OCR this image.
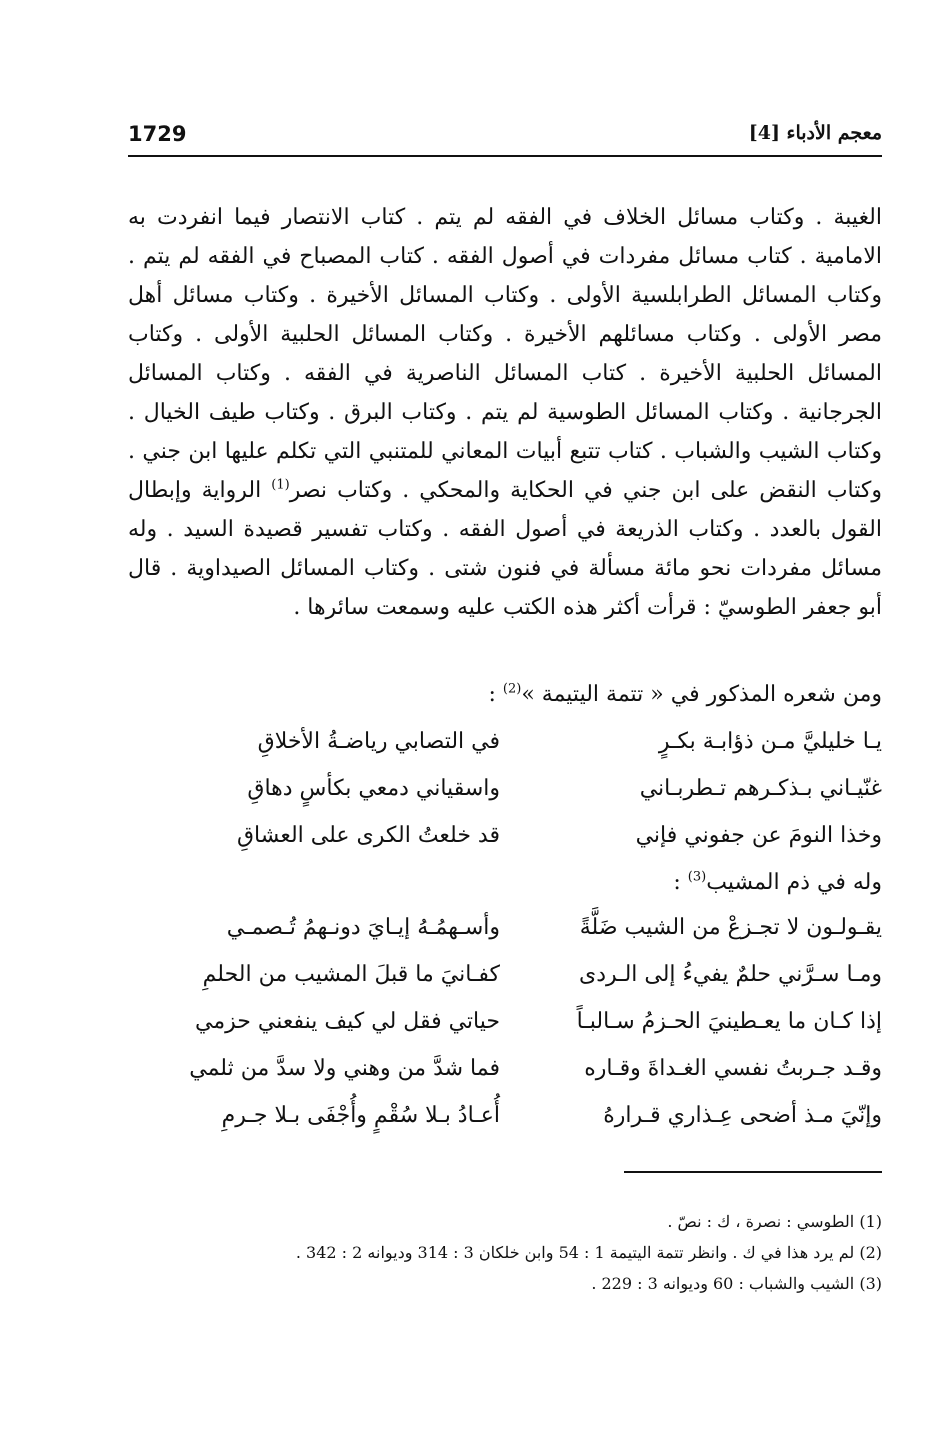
1729	معجم الأدباء [4]

الغيبة . وكتاب مسائل الخلاف في الفقه لم يتم . كتاب الانتصار فيما انفردت به الامامية . كتاب مسائل مفردات في أصول الفقه . كتاب المصباح في الفقه لم يتم . وكتاب المسائل الطرابلسية الأولى . وكتاب المسائل الأخيرة . وكتاب مسائل أهل مصر الأولى . وكتاب مسائلهم الأخيرة . وكتاب المسائل الحلبية الأولى . وكتاب المسائل الحلبية الأخيرة . كتاب المسائل الناصرية في الفقه . وكتاب المسائل الجرجانية . وكتاب المسائل الطوسية لم يتم . وكتاب البرق . وكتاب طيف الخيال . وكتاب الشيب والشباب . كتاب تتبع أبيات المعاني للمتنبي التي تكلم عليها ابن جني . وكتاب النقض على ابن جني في الحكاية والمحكي . وكتاب نصر$^{(1)}$ الرواية وإبطال القول بالعدد . وكتاب الذريعة في أصول الفقه . وكتاب تفسير قصيدة السيد . وله مسائل مفردات نحو مائة مسألة في فنون شتى . وكتاب المسائل الصيداوية . قال أبو جعفر الطوسيّ : قرأت أكثر هذه الكتب عليه وسمعت سائرها .

ومن شعره المذكور في « تتمة اليتيمة »$^{(2)}$ :
يـا خليليَّ مـن ذؤابـة بكـرٍ
في التصابي رياضـةُ الأخلاقِ
غنّيـاني بـذكـرهم تـطربـاني
واسقياني دمعي بكأسٍ دهاقِ
وخذا النومَ عن جفوني فإني
قد خلعتُ الكرى على العشاقِ
وله في ذم المشيب$^{(3)}$ :
يقـولـون لا تجـزعْ من الشيب ضَلَّةً
وأسـهمُـهُ إيـايَ دونـهمُ تُـصمـي
ومـا سـرَّني حلمٌ يفيءُ إلى الـردى
كفـانيَ ما قبلَ المشيب من الحلمِ
إذا كـان ما يعـطينيَ الحـزمُ سـالبـاً
حياتي فقل لي كيف ينفعني حزمي
وقـد جـربتُ نفسي الغـداةَ وقـاره
فما شدَّ من وهني ولا سدَّ من ثلمي
وإنّيَ مـذ أضحى عِـذاري قـرارهُ
أُعـادُ بـلا سُقْمٍ وأُجْفَى بـلا جـرمِ
(1) الطوسي : نصرة ، ك : نصّ .
(2) لم يرد هذا في ك . وانظر تتمة اليتيمة 1 : 54 وابن خلكان 3 : 314 وديوانه 2 : 342 .
(3) الشيب والشباب : 60 وديوانه 3 : 229 .
